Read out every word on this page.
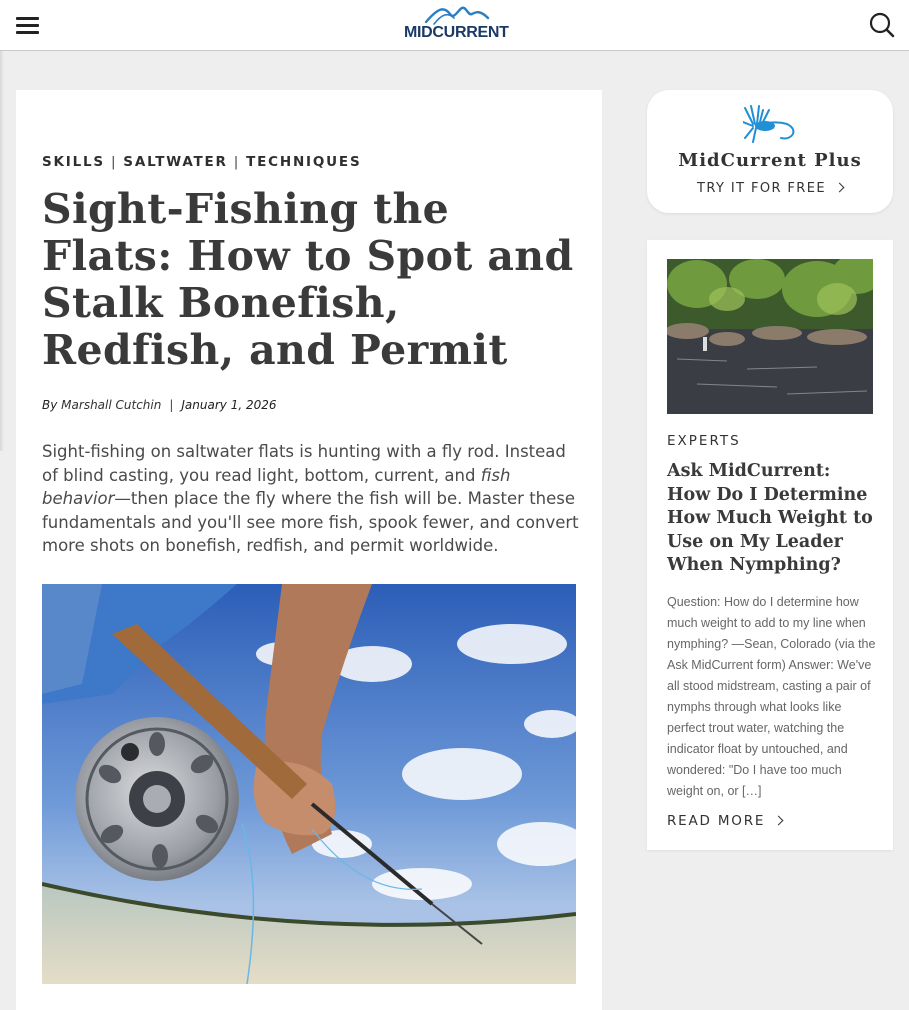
MIDCURRENT
SKILLS | SALTWATER | TECHNIQUES
Sight-Fishing the Flats: How to Spot and Stalk Bonefish, Redfish, and Permit
By Marshall Cutchin | January 1, 2026

Sight-fishing on saltwater flats is hunting with a fly rod. Instead of blind casting, you read light, bottom, current, and fish behavior—then place the fly where the fish will be. Master these fundamentals and you'll see more fish, spook fewer, and convert more shots on bonefish, redfish, and permit worldwide.

MidCurrent Plus
TRY IT FOR FREE
EXPERTS
Ask MidCurrent: How Do I Determine How Much Weight to Use on My Leader When Nymphing?

Question: How do I determine how much weight to add to my line when nymphing? —Sean, Colorado (via the Ask MidCurrent form) Answer: We've all stood midstream, casting a pair of nymphs through what looks like perfect trout water, watching the indicator float by untouched, and wondered: "Do I have too much weight on, or […]

READ MORE
